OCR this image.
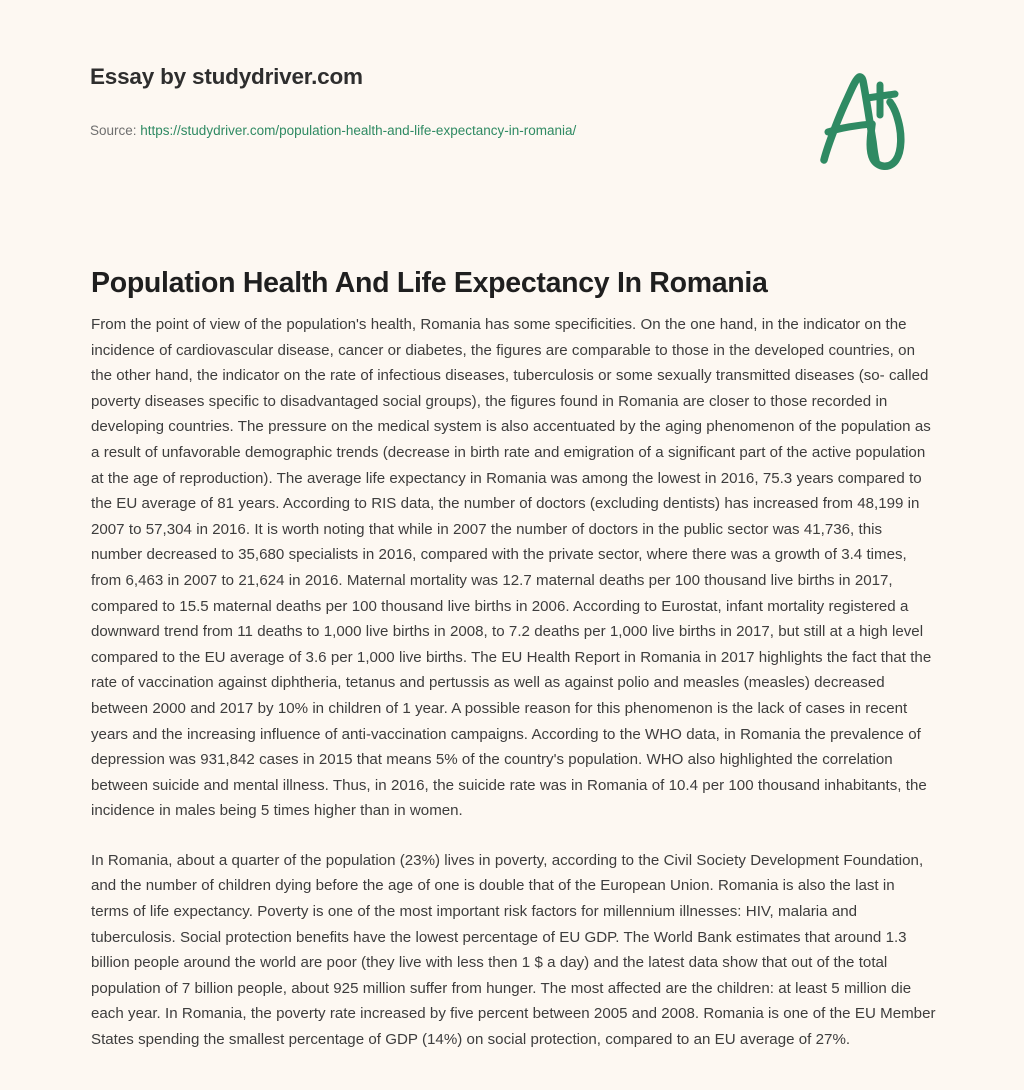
Essay by studydriver.com
Source: https://studydriver.com/population-health-and-life-expectancy-in-romania/
Population Health And Life Expectancy In Romania

From the point of view of the population's health, Romania has some specificities. On the one hand, in the indicator on the incidence of cardiovascular disease, cancer or diabetes, the figures are comparable to those in the developed countries, on the other hand, the indicator on the rate of infectious diseases, tuberculosis or some sexually transmitted diseases (so- called poverty diseases specific to disadvantaged social groups), the figures found in Romania are closer to those recorded in developing countries. The pressure on the medical system is also accentuated by the aging phenomenon of the population as a result of unfavorable demographic trends (decrease in birth rate and emigration of a significant part of the active population at the age of reproduction). The average life expectancy in Romania was among the lowest in 2016, 75.3 years compared to the EU average of 81 years. According to RIS data, the number of doctors (excluding dentists) has increased from 48,199 in 2007 to 57,304 in 2016. It is worth noting that while in 2007 the number of doctors in the public sector was 41,736, this number decreased to 35,680 specialists in 2016, compared with the private sector, where there was a growth of 3.4 times, from 6,463 in 2007 to 21,624 in 2016. Maternal mortality was 12.7 maternal deaths per 100 thousand live births in 2017, compared to 15.5 maternal deaths per 100 thousand live births in 2006. According to Eurostat, infant mortality registered a downward trend from 11 deaths to 1,000 live births in 2008, to 7.2 deaths per 1,000 live births in 2017, but still at a high level compared to the EU average of 3.6 per 1,000 live births. The EU Health Report in Romania in 2017 highlights the fact that the rate of vaccination against diphtheria, tetanus and pertussis as well as against polio and measles (measles) decreased between 2000 and 2017 by 10% in children of 1 year. A possible reason for this phenomenon is the lack of cases in recent years and the increasing influence of anti-vaccination campaigns. According to the WHO data, in Romania the prevalence of depression was 931,842 cases in 2015 that means 5% of the country's population. WHO also highlighted the correlation between suicide and mental illness. Thus, in 2016, the suicide rate was in Romania of 10.4 per 100 thousand inhabitants, the incidence in males being 5 times higher than in women.

In Romania, about a quarter of the population (23%) lives in poverty, according to the Civil Society Development Foundation, and the number of children dying before the age of one is double that of the European Union. Romania is also the last in terms of life expectancy. Poverty is one of the most important risk factors for millennium illnesses: HIV, malaria and tuberculosis. Social protection benefits have the lowest percentage of EU GDP. The World Bank estimates that around 1.3 billion people around the world are poor (they live with less then 1 $ a day) and the latest data show that out of the total population of 7 billion people, about 925 million suffer from hunger. The most affected are the children: at least 5 million die each year. In Romania, the poverty rate increased by five percent between 2005 and 2008. Romania is one of the EU Member States spending the smallest percentage of GDP (14%) on social protection, compared to an EU average of 27%.
